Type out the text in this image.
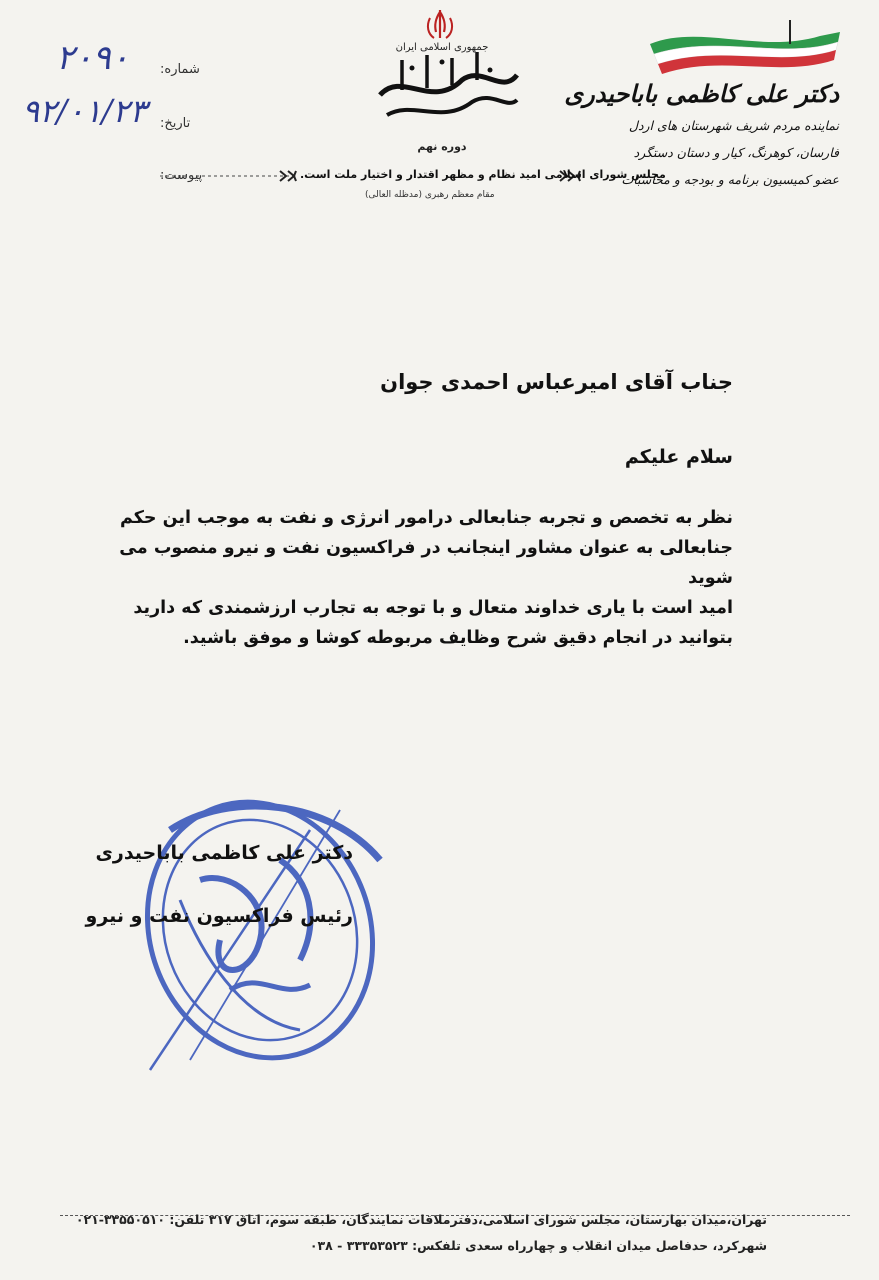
۲۰۹۰ شماره:
۹۲/۰۱/۲۳ تاریخ:
پیوست:
جمهوری اسلامی ایران
دوره نهم
مجلس شورای اسلامی امید نظام و مظهر اقتدار و اختیار ملت است.
مقام معظم رهبری (مدظله العالی)
دکتر علی کاظمی باباحیدری
نماینده مردم شریف شهرستان های اردل
فارسان، کوهرنگ، کیار و دستان دستگرد
عضو کمیسیون برنامه و بودجه و محاسبات
جناب آقای امیرعباس احمدی جوان
سلام علیکم
نظر به تخصص و تجربه جنابعالی درامور انرژی و نفت به موجب این حکم
جنابعالی به عنوان مشاور اینجانب در فراکسیون نفت و نیرو منصوب می
شوید
امید است با یاری خداوند متعال و با توجه به تجارب ارزشمندی که دارید
بتوانید در انجام دقیق شرح وظایف مربوطه کوشا و موفق باشید.
دکتر علی کاظمی باباحیدری
رئیس فراکسیون نفت و نیرو
تهران،میدان بهارستان، مجلس شورای اسلامی،دفترملاقات نمایندگان، طبقه سوم، اتاق ۳۱۷ تلفن: ۳۳۵۵۰۵۱۰-۰۲۱
شهرکرد، حدفاصل میدان انقلاب و چهارراه سعدی تلفکس: ۳۳۳۵۳۵۲۳ - ۰۳۸
